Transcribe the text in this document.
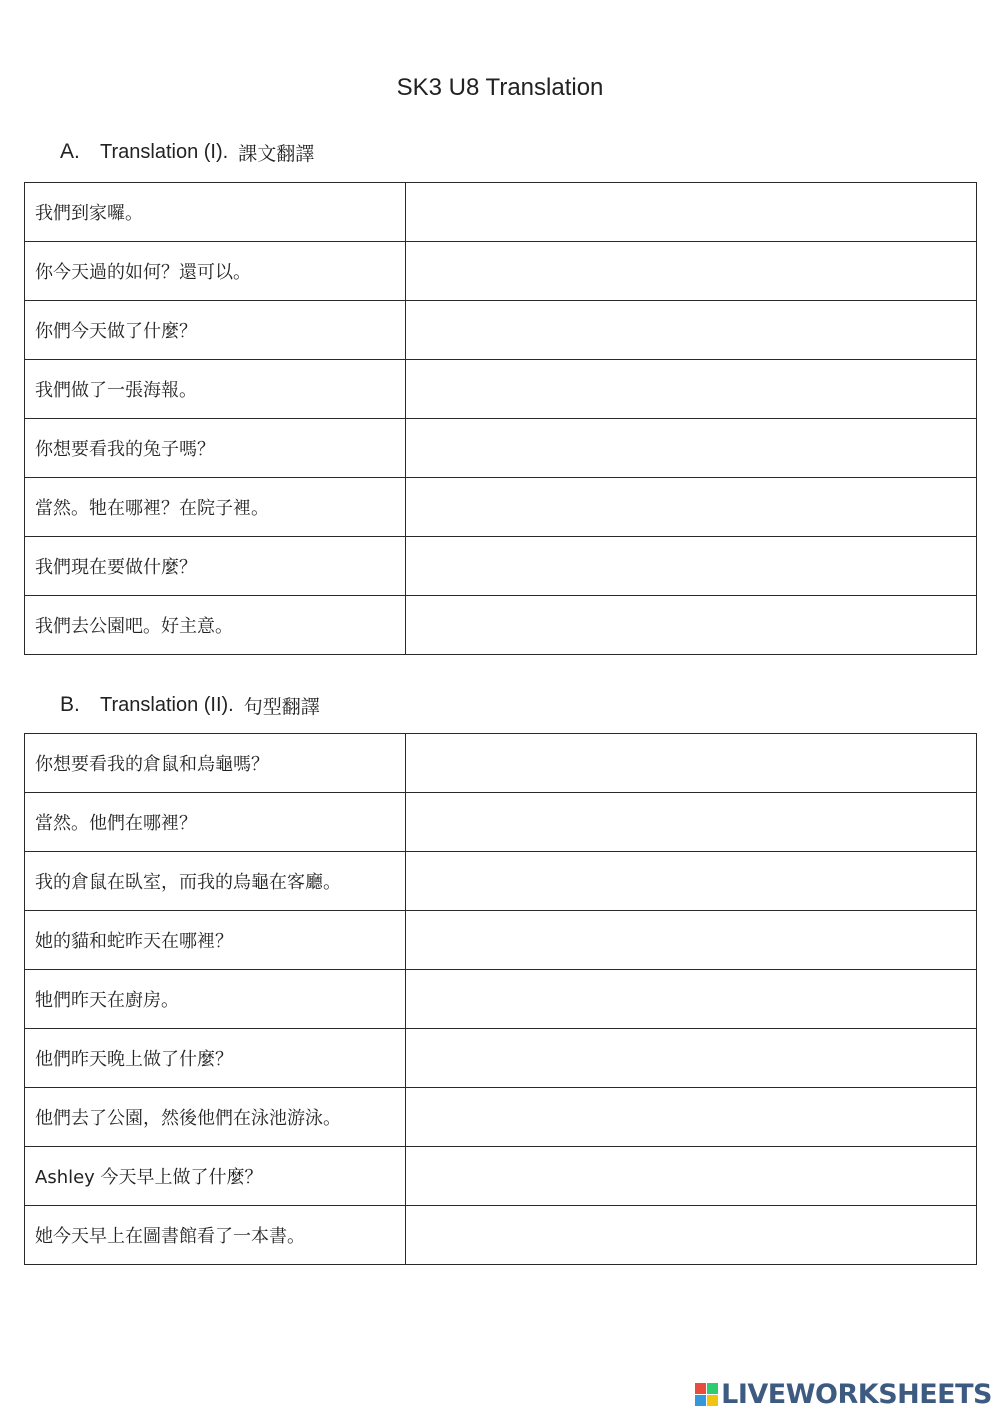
SK3 U8 Translation
A.	Translation (I). 課文翻譯
我們到家囉。	
你今天過的如何？還可以。	
你們今天做了什麼？	
我們做了一張海報。	
你想要看我的兔子嗎？	
當然。牠在哪裡？在院子裡。	
我們現在要做什麼？	
我們去公園吧。好主意。	
B.	Translation (II). 句型翻譯
你想要看我的倉鼠和烏龜嗎？	
當然。他們在哪裡？	
我的倉鼠在臥室，而我的烏龜在客廳。	
她的貓和蛇昨天在哪裡？	
牠們昨天在廚房。	
他們昨天晚上做了什麼？	
他們去了公園，然後他們在泳池游泳。	
Ashley 今天早上做了什麼？	
她今天早上在圖書館看了一本書。	
LIVEWORKSHEETS
